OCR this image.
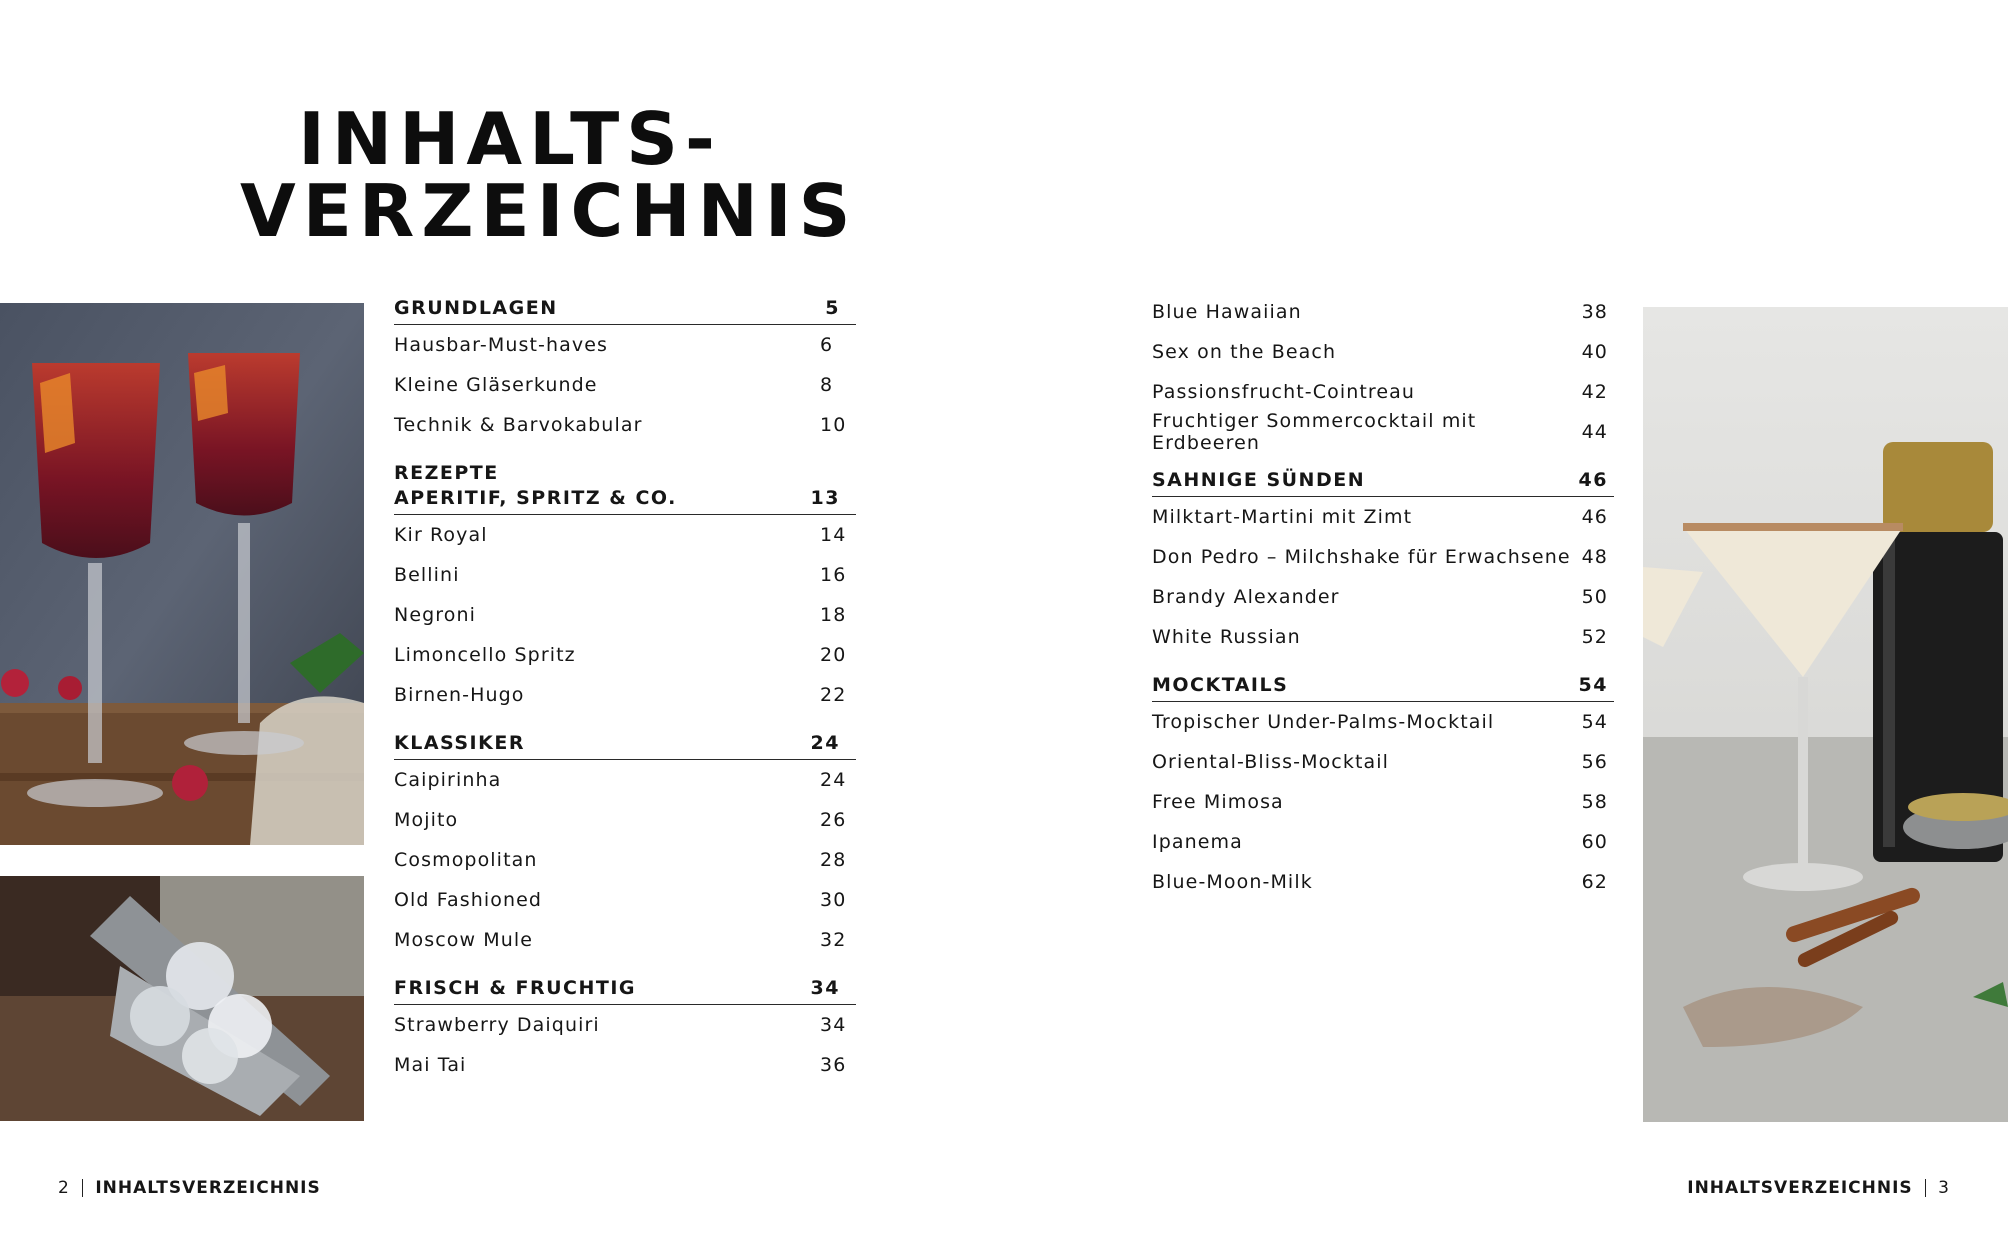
INHALTS-
VERZEICHNIS
GRUNDLAGEN	5
Hausbar-Must-haves	6
Kleine Gläserkunde	8
Technik & Barvokabular	10
REZEPTE
APERITIF, SPRITZ & CO.	13
Kir Royal	14
Bellini	16
Negroni	18
Limoncello Spritz	20
Birnen-Hugo	22
KLASSIKER	24
Caipirinha	24
Mojito	26
Cosmopolitan	28
Old Fashioned	30
Moscow Mule	32
FRISCH & FRUCHTIG	34
Strawberry Daiquiri	34
Mai Tai	36
Blue Hawaiian	38
Sex on the Beach	40
Passionsfrucht-Cointreau	42
Fruchtiger Sommercocktail mit Erdbeeren	44
SAHNIGE SÜNDEN	46
Milktart-Martini mit Zimt	46
Don Pedro – Milchshake für Erwachsene 48
Brandy Alexander	50
White Russian	52
MOCKTAILS	54
Tropischer Under-Palms-Mocktail	54
Oriental-Bliss-Mocktail	56
Free Mimosa	58
Ipanema	60
Blue-Moon-Milk	62
2 INHALTSVERZEICHNIS	INHALTSVERZEICHNIS 3
